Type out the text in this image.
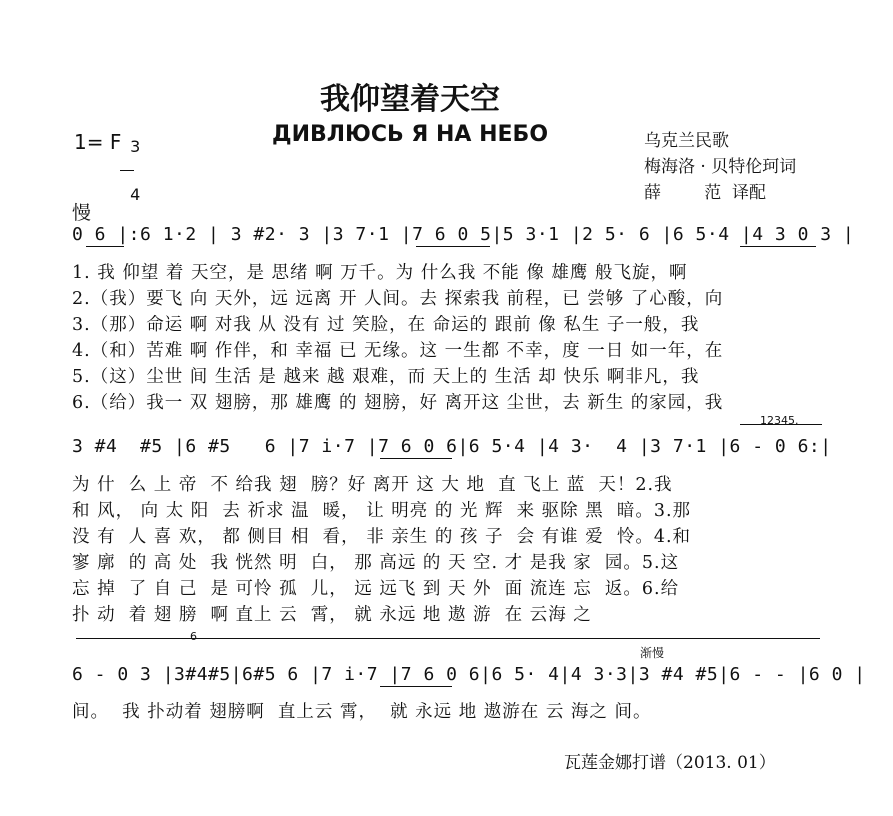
我仰望着天空
ДИВЛЮСЬ Я НА НЕБО
1= F 3

4

乌克兰民歌
梅海洛 · 贝特伦珂词
薛        范  译配
慢
0 6 |:6 1·2 | 3 #2· 3 |3 7·1 |7 6 0 5|5 3·1 |2 5· 6 |6 5·4 |4 3 0 3 |
1. 我 仰望 着 天空，是 思绪 啊 万千。为 什么我 不能 像 雄鹰 般飞旋，啊
2.（我）要飞 向 天外，远 远离 开 人间。去 探索我 前程，已 尝够 了心酸，向
3.（那）命运 啊 对我 从 没有 过 笑脸，在 命运的 跟前 像 私生 子一般，我
4.（和）苦难 啊 作伴，和 幸福 已 无缘。这 一生都 不幸，度 一日 如一年，在
5.（这）尘世 间 生活 是 越来 越 艰难，而 天上的 生活 却 快乐 啊非凡，我
6.（给）我一 双 翅膀，那 雄鹰 的 翅膀，好 离开这 尘世，去 新生 的家园，我
12345.
3 #4  #5 |6 #5   6 |7 i·7 |7 6 0 6|6 5·4 |4 3·  4 |3 7·1 |6 - 0 6:|
为 什  么 上 帝  不 给我 翅  膀？好 离开 这 大 地  直 飞上 蓝  天！2.我
和 风， 向 太 阳  去 祈求 温  暖， 让 明亮 的 光 辉  来 驱除 黑  暗。3.那
没 有  人 喜 欢， 都 侧目 相  看， 非 亲生 的 孩 子  会 有谁 爱  怜。4.和
寥 廓  的 高 处  我 恍然 明  白， 那 高远 的 天 空. 才 是我 家  园。5.这
忘 掉  了 自 己  是 可怜 孤  儿， 远 远飞 到 天 外  面 流连 忘  返。6.给
扑 动  着 翅 膀  啊 直上 云  霄， 就 永远 地 遨 游  在 云海 之
6
渐慢
6 - 0 3 |3#4#5|6#5 6 |7 i·7 |7 6 0 6|6 5· 4|4 3·3|3 #4 #5|6 - - |6 0 |
间。  我 扑动着 翅膀啊  直上云 霄，  就 永远 地 遨游在 云 海之 间。
瓦莲金娜打谱（2013. 01）
